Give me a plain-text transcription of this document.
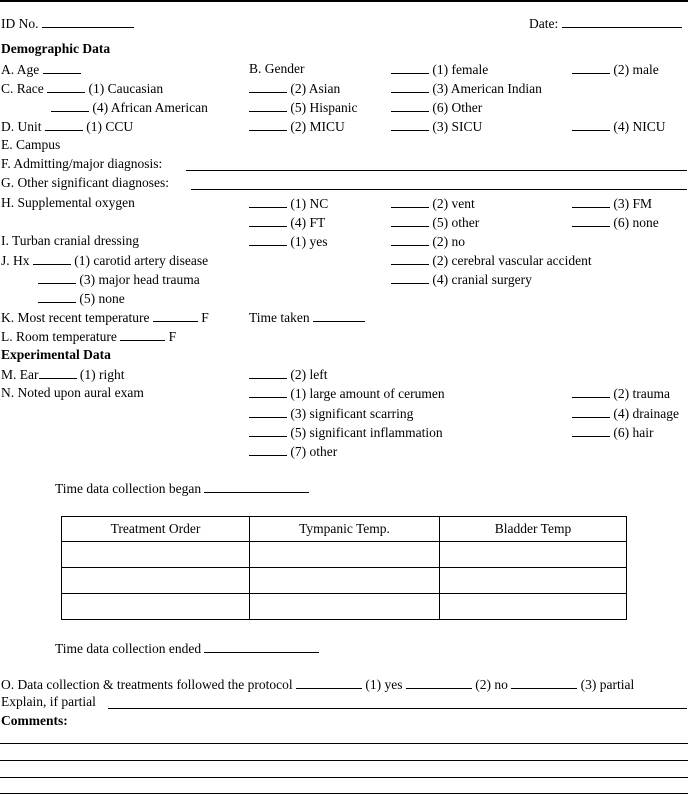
ID No.	Date:
Demographic Data
A. Age	B. Gender	(1) female	(2) male
C. Race	(1) Caucasian	(2) Asian	(3) American Indian
(4) African American	(5) Hispanic	(6) Other
D. Unit	(1) CCU	(2) MICU	(3) SICU	(4) NICU
E. Campus
F. Admitting/major diagnosis:
G. Other significant diagnoses:
H. Supplemental oxygen	(1) NC	(2) vent	(3) FM
(4) FT	(5) other	(6) none
I. Turban cranial dressing	(1) yes	(2) no
J. Hx	(1) carotid artery disease	(2) cerebral vascular accident
(3) major head trauma	(4) cranial surgery
(5) none
K. Most recent temperature	F	Time taken
L. Room temperature	F
Experimental Data
M. Ear	(1) right	(2) left
N. Noted upon aural exam	(1) large amount of cerumen	(2) trauma
(3) significant scarring	(4) drainage
(5) significant inflammation	(6) hair
(7) other
Time data collection began
Treatment Order	Tympanic Temp.	Bladder Temp

Time data collection ended
O. Data collection & treatments followed the protocol	(1) yes	(2) no	(3) partial
Explain, if partial
Comments:
